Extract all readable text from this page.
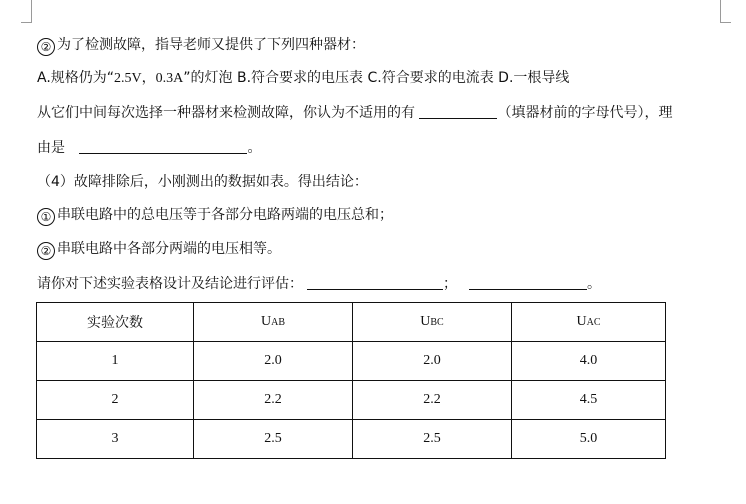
② 为了检测故障，指导老师又提供了下列四种器材：
A.规格仍为“2.5V，0.3A”的灯泡 B.符合要求的电压表 C.符合要求的电流表 D.一根导线
从它们中间每次选择一种器材来检测故障，你认为不适用的有	（填器材前的字母代号），理
由是	。
（4）故障排除后，小刚测出的数据如表。得出结论：
① 串联电路中的总电压等于各部分电路两端的电压总和；
② 串联电路中各部分两端的电压相等。
请你对下述实验表格设计及结论进行评估：	；	。
实验次数	UAB	UBC	UAC
1	2.0	2.0	4.0
2	2.2	2.2	4.5
3	2.5	2.5	5.0
